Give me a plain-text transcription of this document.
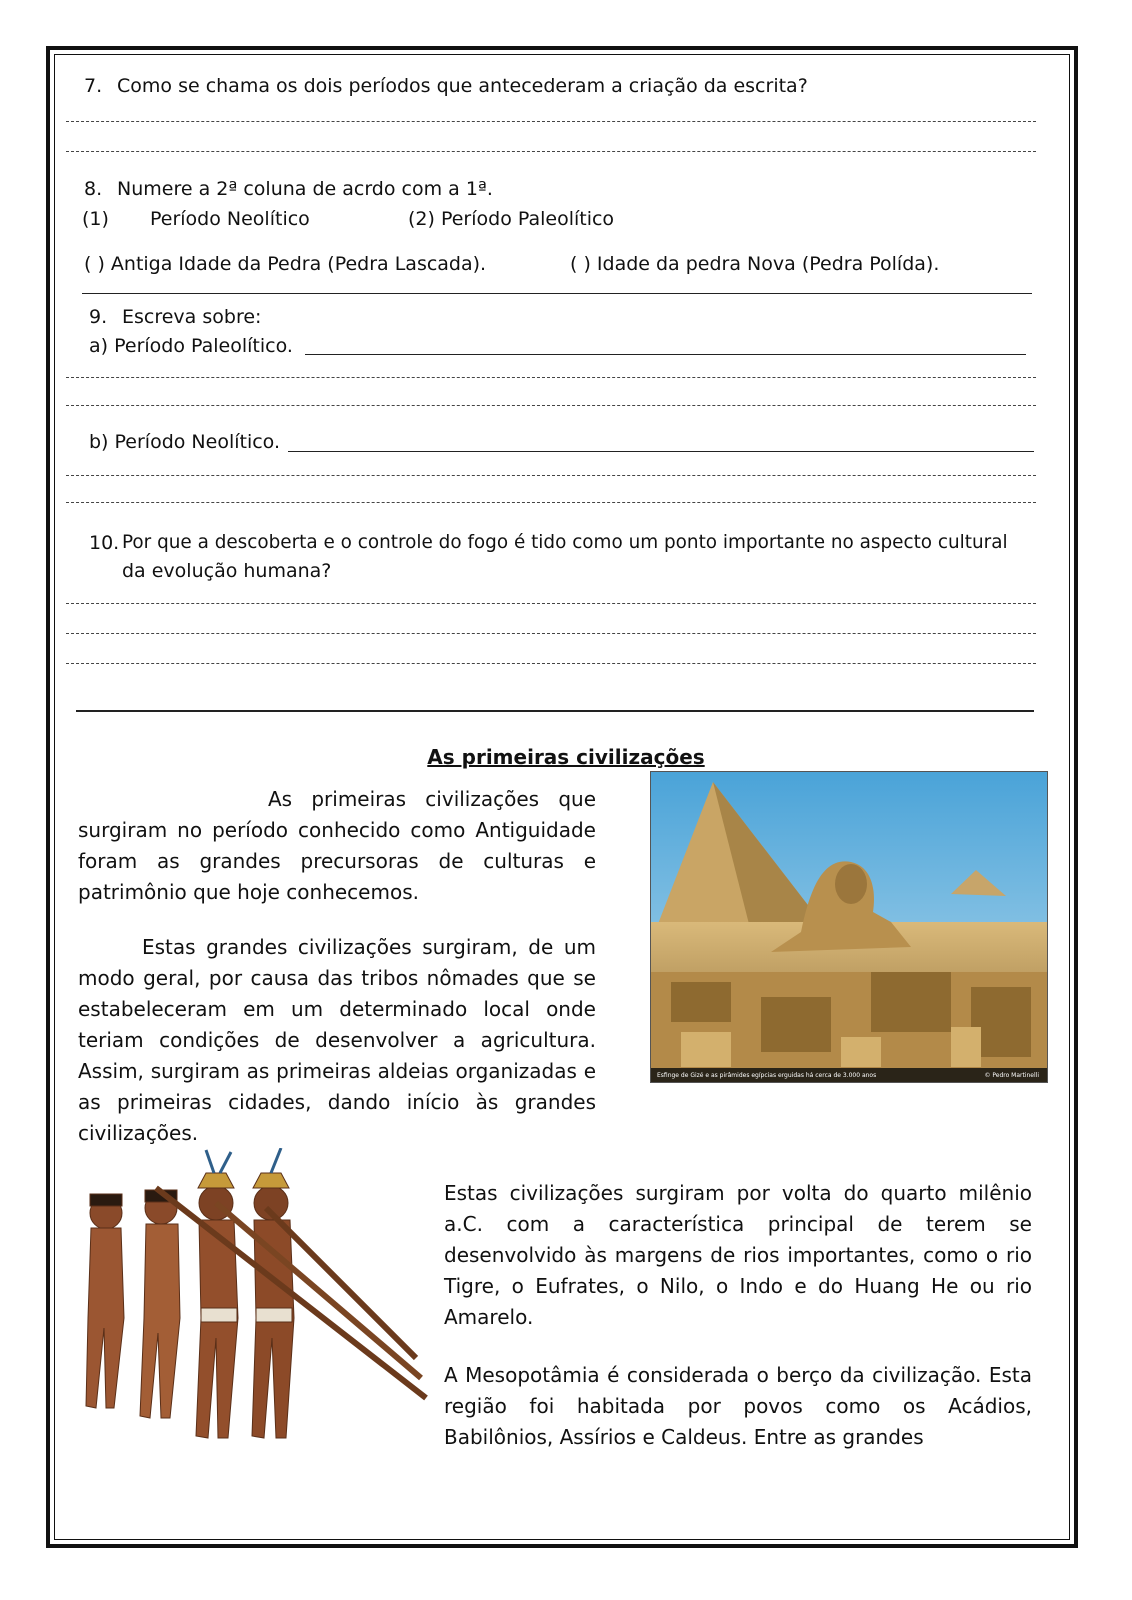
7. Como se chama os dois períodos que antecederam a criação da escrita?
8. Numere a 2ª coluna de acrdo com a 1ª.
(1) Período Neolítico	(2) Período Paleolítico
( ) Antiga Idade da Pedra (Pedra Lascada).	( ) Idade da pedra Nova (Pedra Polída).
9. Escreva sobre:
a) Período Paleolítico.
b) Período Neolítico.
10. Por que a descoberta e o controle do fogo é tido como um ponto importante no aspecto cultural
da evolução humana?
As primeiras civilizações
As primeiras civilizações que surgiram no período conhecido como Antiguidade foram as grandes precursoras de culturas e patrimônio que hoje conhecemos.
Estas grandes civilizações surgiram, de um modo geral, por causa das tribos nômades que se estabeleceram em um determinado local onde teriam condições de desenvolver a agricultura. Assim, surgiram as primeiras aldeias organizadas e as primeiras cidades, dando início às grandes civilizações.
Esfinge de Gizé e as pirâmides egípcias erguidas há cerca de 3.000 anos	© Pedro Martinelli
Estas civilizações surgiram por volta do quarto milênio a.C. com a característica principal de terem se desenvolvido às margens de rios importantes, como o rio Tigre, o Eufrates, o Nilo, o Indo e do Huang He ou rio Amarelo.
A Mesopotâmia é considerada o berço da civilização. Esta região foi habitada por povos como os Acádios, Babilônios, Assírios e Caldeus. Entre as grandes
